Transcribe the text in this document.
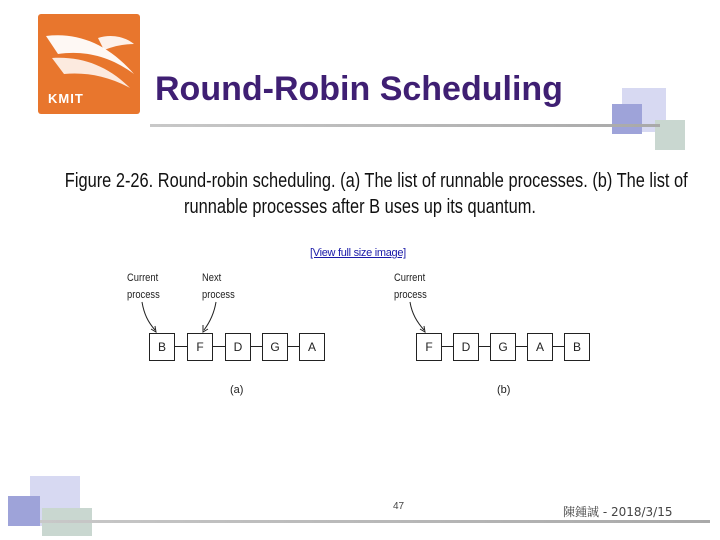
KMIT Round-Robin Scheduling
Figure 2-26. Round-robin scheduling. (a) The list of runnable processes. (b) The list of
runnable processes after B uses up its quantum.
[View full size image]
Current
process
Next
process
B	F	D	G	A
(a)
Current
process
F	D	G	A	B
(b)
47	陳鍾誠 - 2018/3/15
